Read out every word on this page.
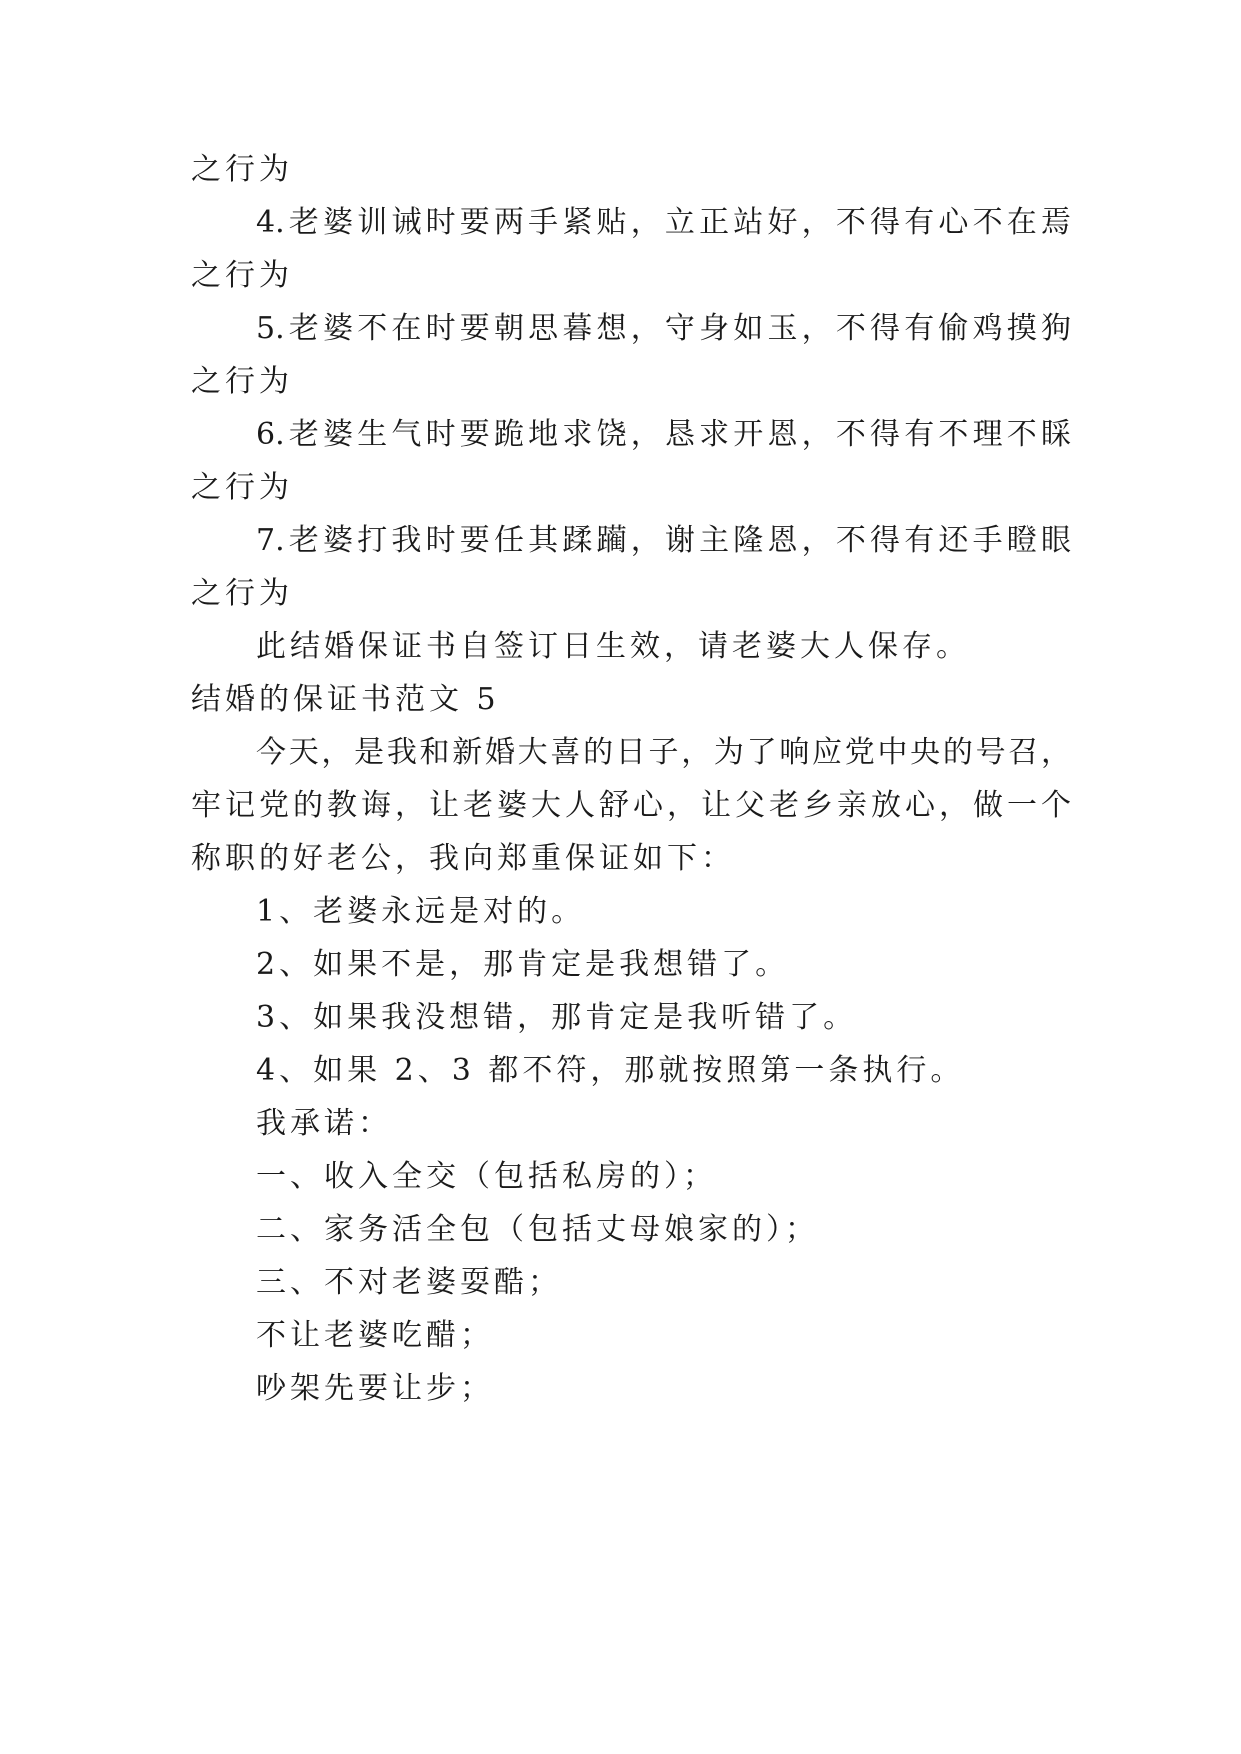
之行为
4.老婆训诫时要两手紧贴，立正站好，不得有心不在焉
之行为
5.老婆不在时要朝思暮想，守身如玉，不得有偷鸡摸狗
之行为
6.老婆生气时要跪地求饶，恳求开恩，不得有不理不睬
之行为
7.老婆打我时要任其蹂躏，谢主隆恩，不得有还手瞪眼
之行为
此结婚保证书自签订日生效，请老婆大人保存。
结婚的保证书范文 5
今天，是我和新婚大喜的日子，为了响应党中央的号召，
牢记党的教诲，让老婆大人舒心，让父老乡亲放心，做一个
称职的好老公，我向郑重保证如下：
1、老婆永远是对的。
2、如果不是，那肯定是我想错了。
3、如果我没想错，那肯定是我听错了。
4、如果 2、3 都不符，那就按照第一条执行。
我承诺：
一、收入全交（包括私房的）；
二、家务活全包（包括丈母娘家的）；
三、不对老婆耍酷；
不让老婆吃醋；
吵架先要让步；
